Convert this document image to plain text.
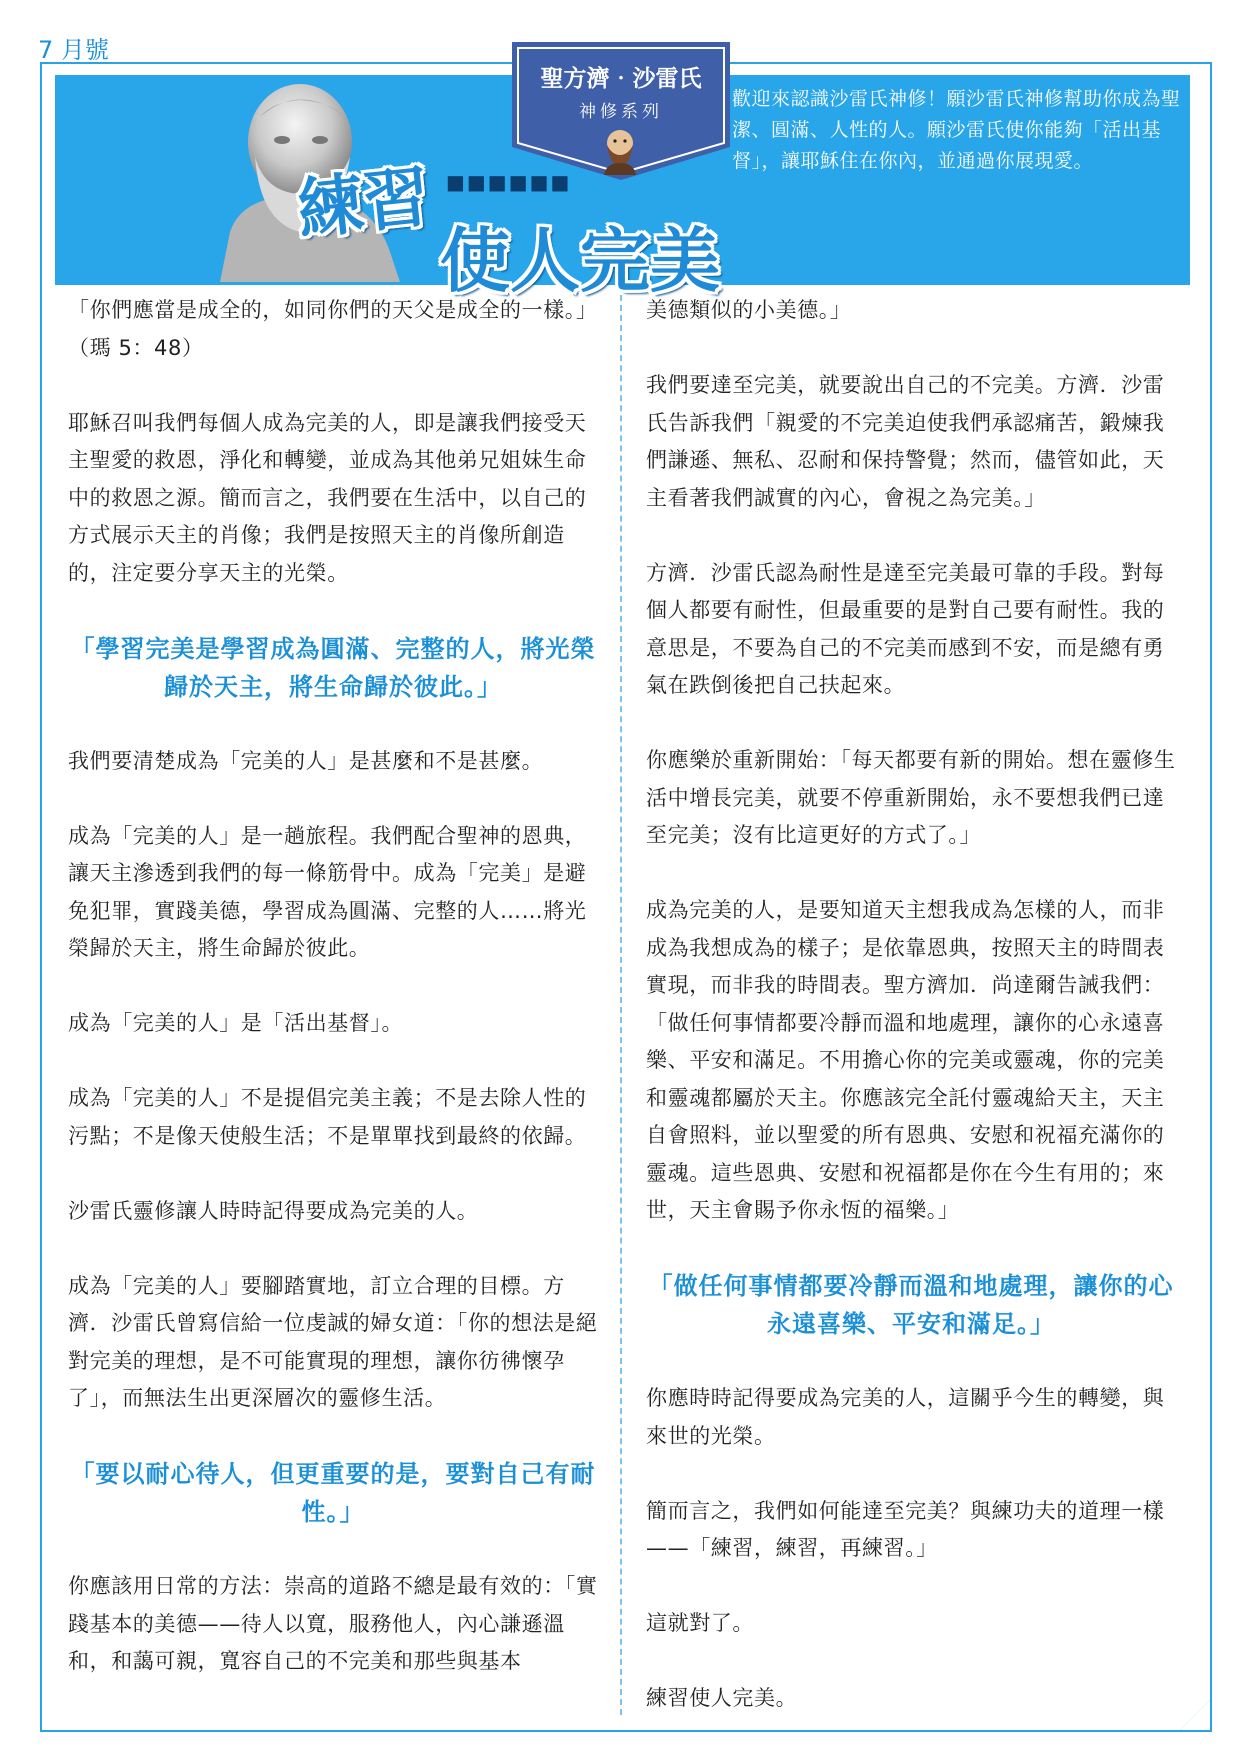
7 月號
聖方濟‧沙雷氏
神修系列
練習 ■■■■■■
使人完美
歡迎來認識沙雷氏神修！願沙雷氏神修幫助你成為聖潔、圓滿、人性的人。願沙雷氏使你能夠「活出基督」，讓耶穌住在你內，並通過你展現愛。

「你們應當是成全的，如同你們的天父是成全的一樣。」（瑪 5：48）

耶穌召叫我們每個人成為完美的人，即是讓我們接受天主聖愛的救恩，淨化和轉變，並成為其他弟兄姐妹生命中的救恩之源。簡而言之，我們要在生活中，以自己的方式展示天主的肖像；我們是按照天主的肖像所創造的，注定要分享天主的光榮。

「學習完美是學習成為圓滿、完整的人，將光榮歸於天主，將生命歸於彼此。」

我們要清楚成為「完美的人」是甚麼和不是甚麼。

成為「完美的人」是一趟旅程。我們配合聖神的恩典，讓天主滲透到我們的每一條筋骨中。成為「完美」是避免犯罪，實踐美德，學習成為圓滿、完整的人……將光榮歸於天主，將生命歸於彼此。

成為「完美的人」是「活出基督」。

成為「完美的人」不是提倡完美主義；不是去除人性的污點；不是像天使般生活；不是單單找到最終的依歸。

沙雷氏靈修讓人時時記得要成為完美的人。

成為「完美的人」要腳踏實地，訂立合理的目標。方濟．沙雷氏曾寫信給一位虔誠的婦女道：「你的想法是絕對完美的理想，是不可能實現的理想，讓你彷彿懷孕了」，而無法生出更深層次的靈修生活。

「要以耐心待人，但更重要的是，要對自己有耐性。」

你應該用日常的方法：崇高的道路不總是最有效的：「實踐基本的美德——待人以寬，服務他人，內心謙遜溫和，和藹可親，寬容自己的不完美和那些與基本

美德類似的小美德。」

我們要達至完美，就要說出自己的不完美。方濟．沙雷氏告訴我們「親愛的不完美迫使我們承認痛苦，鍛煉我們謙遜、無私、忍耐和保持警覺；然而，儘管如此，天主看著我們誠實的內心，會視之為完美。」

方濟．沙雷氏認為耐性是達至完美最可靠的手段。對每個人都要有耐性，但最重要的是對自己要有耐性。我的意思是，不要為自己的不完美而感到不安，而是總有勇氣在跌倒後把自己扶起來。

你應樂於重新開始：「每天都要有新的開始。想在靈修生活中增長完美，就要不停重新開始，永不要想我們已達至完美；沒有比這更好的方式了。」

成為完美的人，是要知道天主想我成為怎樣的人，而非成為我想成為的樣子；是依靠恩典，按照天主的時間表實現，而非我的時間表。聖方濟加．尚達爾告誡我們：「做任何事情都要冷靜而溫和地處理，讓你的心永遠喜樂、平安和滿足。不用擔心你的完美或靈魂，你的完美和靈魂都屬於天主。你應該完全託付靈魂給天主，天主自會照料，並以聖愛的所有恩典、安慰和祝福充滿你的靈魂。這些恩典、安慰和祝福都是你在今生有用的；來世，天主會賜予你永恆的福樂。」

「做任何事情都要冷靜而溫和地處理，讓你的心永遠喜樂、平安和滿足。」

你應時時記得要成為完美的人，這關乎今生的轉變，與來世的光榮。

簡而言之，我們如何能達至完美？與練功夫的道理一樣——「練習，練習，再練習。」

這就對了。

練習使人完美。
